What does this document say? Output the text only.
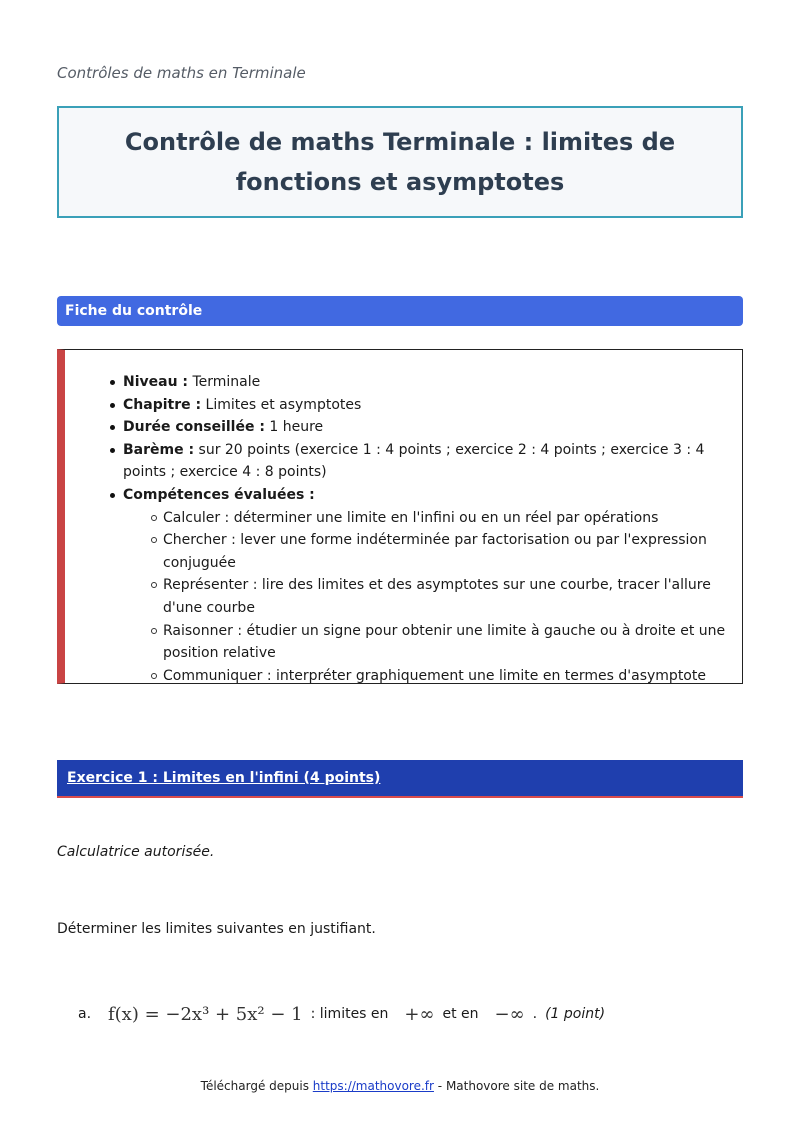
Contrôles de maths en Terminale
Contrôle de maths Terminale : limites de fonctions et asymptotes
Fiche du contrôle
Niveau : Terminale
Chapitre : Limites et asymptotes
Durée conseillée : 1 heure
Barème : sur 20 points (exercice 1 : 4 points ; exercice 2 : 4 points ; exercice 3 : 4 points ; exercice 4 : 8 points)
Compétences évaluées :
Calculer : déterminer une limite en l'infini ou en un réel par opérations
Chercher : lever une forme indéterminée par factorisation ou par l'expression conjuguée
Représenter : lire des limites et des asymptotes sur une courbe, tracer l'allure d'une courbe
Raisonner : étudier un signe pour obtenir une limite à gauche ou à droite et une position relative
Communiquer : interpréter graphiquement une limite en termes d'asymptote
Exercice 1 : Limites en l'infini (4 points)
Calculatrice autorisée.
Déterminer les limites suivantes en justifiant.
a. f(x) = −2x³ + 5x² − 1 : limites en +∞ et en −∞ . (1 point)
Téléchargé depuis https://mathovore.fr - Mathovore site de maths.
